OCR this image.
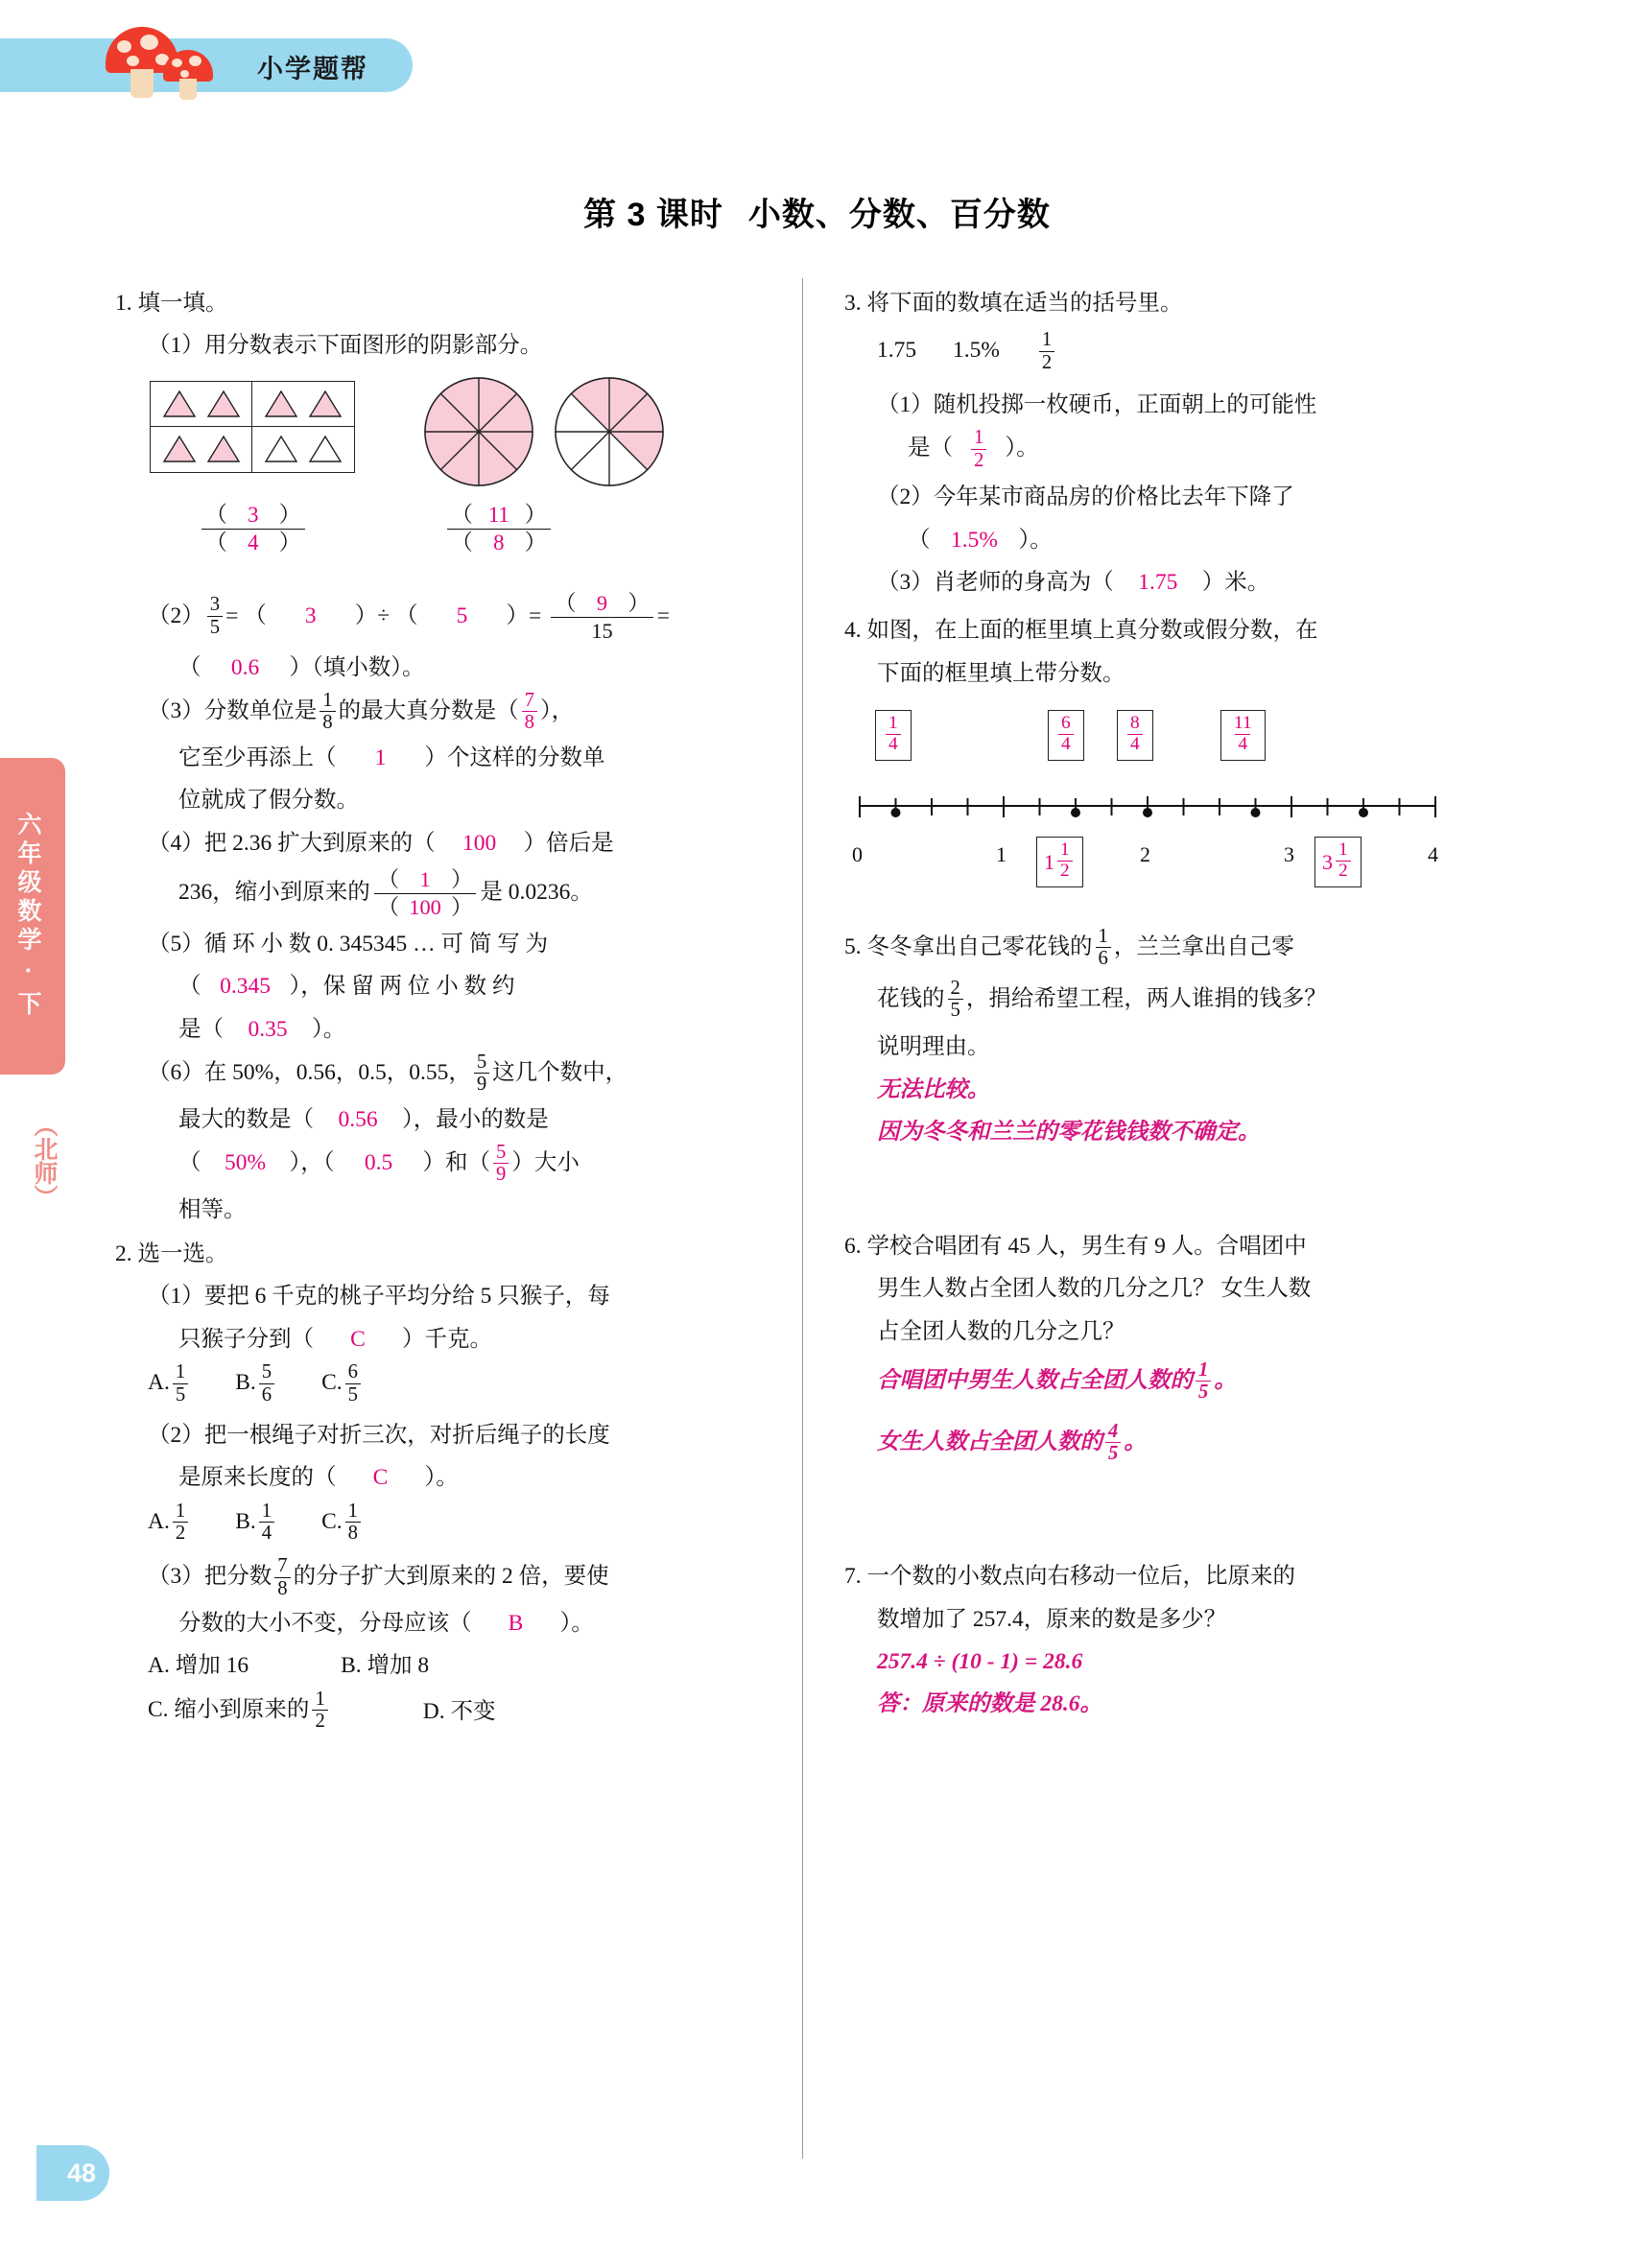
小学题帮
六年级数学 · 下
（北师）
第 3 课时 小数、分数、百分数
1. 填一填。
（1）用分数表示下面图形的阴影部分。
$\frac{( 3 )}{( 4 )}$	$\frac{( 11 )}{( 8 )}$
$(2) \frac{3}{5}$ = （ 3 ）÷ （ 5 ）= $\frac{( 9 )}{15}$ =
（ 0.6 ）（填小数）。
（3）分数单位是 $\frac{1}{8}$ 的最大真分数是（ $\frac{7}{8}$ ），
它至少再添上（ 1 ）个这样的分数单
位就成了假分数。
（4）把 2.36 扩大到原来的（ 100 ）倍后是
236，缩小到原来的 $\frac{( 1 )}{( 100 )}$ 是 0.0236。
（5）循 环 小 数 0. 345345 … 可 简 写 为
（ 0.345 ），保 留 两 位 小 数 约
是（ 0.35 ）。
（6）在 50%，0.56，0.5，0.55， $\frac{5}{9}$ 这几个数中，
最大的数是（ 0.56 ），最小的数是
（ 50% ），（ 0.5 ）和（ $\frac{5}{9}$ ）大小
相等。
2. 选一选。
（1）要把 6 千克的桃子平均分给 5 只猴子，每
只猴子分到（ C ）千克。
A. $\frac{1}{5} B$. $\frac{5}{6} C$. $\frac{6}{5}$
（2）把一根绳子对折三次，对折后绳子的长度
是原来长度的（ C ）。
A. $\frac{1}{2} B$. $\frac{1}{4} C$. $\frac{1}{8}$
（3）把分数 $\frac{7}{8}$ 的分子扩大到原来的 2 倍，要使
分数的大小不变，分母应该（ B ）。
A. 增加 16	B. 增加 8
C. 缩小到原来的 $\frac{1}{2}$	D. 不变
3. 将下面的数填在适当的括号里。
1.75 $1.5\% \frac{1}{2}$
（1）随机投掷一枚硬币，正面朝上的可能性
是（ $\frac{1}{2}$ ）。
（2）今年某市商品房的价格比去年下降了
（ 1.5% ）。
（3）肖老师的身高为（ 1.75 ）米。
4. 如图，在上面的框里填上真分数或假分数，在
下面的框里填上带分数。
$\frac{1}{4}$	$\frac{6}{4}$	$\frac{8}{4}$	$\frac{11}{4}$
0	1	2	3	4
$1 \frac{1}{2}$	$3 \frac{1}{2}$
5. 冬冬拿出自己零花钱的 $\frac{1}{6}$ ，兰兰拿出自己零
花钱的 $\frac{2}{5}$ ，捐给希望工程，两人谁捐的钱多？
说明理由。
无法比较。
因为冬冬和兰兰的零花钱钱数不确定。
6. 学校合唱团有 45 人，男生有 9 人。合唱团中
男生人数占全团人数的几分之几？ 女生人数
占全团人数的几分之几？
合唱团中男生人数占全团人数的 $\frac{1}{5}$ 。
女生人数占全团人数的 $\frac{4}{5}$ 。
7. 一个数的小数点向右移动一位后，比原来的
数增加了 257.4，原来的数是多少？
257.4 ÷ (10 - 1) = 28.6
答：原来的数是 28.6。
48
